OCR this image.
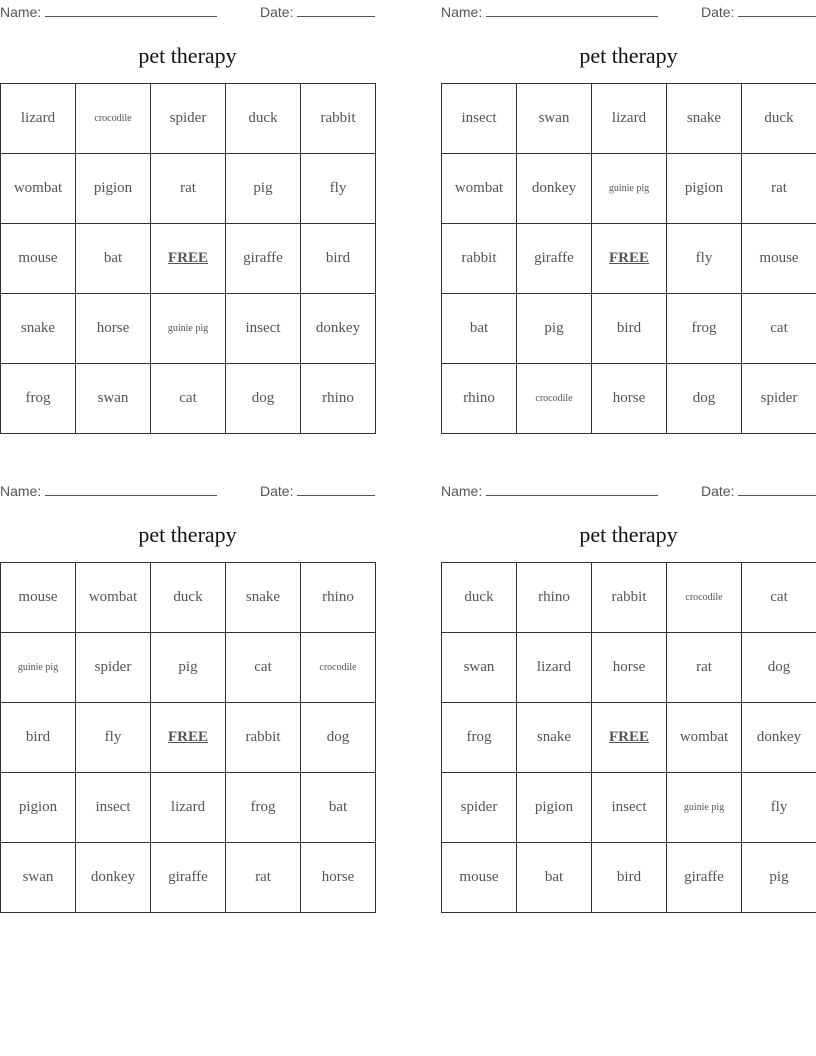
Name:	Date:
pet therapy
lizard	crocodile	spider	duck	rabbit
wombat	pigion	rat	pig	fly
mouse	bat	FREE	giraffe	bird
snake	horse	guinie pig	insect	donkey
frog	swan	cat	dog	rhino
Name:	Date:
pet therapy
insect	swan	lizard	snake	duck
wombat	donkey	guinie pig	pigion	rat
rabbit	giraffe	FREE	fly	mouse
bat	pig	bird	frog	cat
rhino	crocodile	horse	dog	spider
Name:	Date:
pet therapy
mouse	wombat	duck	snake	rhino
guinie pig	spider	pig	cat	crocodile
bird	fly	FREE	rabbit	dog
pigion	insect	lizard	frog	bat
swan	donkey	giraffe	rat	horse
Name:	Date:
pet therapy
duck	rhino	rabbit	crocodile	cat
swan	lizard	horse	rat	dog
frog	snake	FREE	wombat	donkey
spider	pigion	insect	guinie pig	fly
mouse	bat	bird	giraffe	pig
